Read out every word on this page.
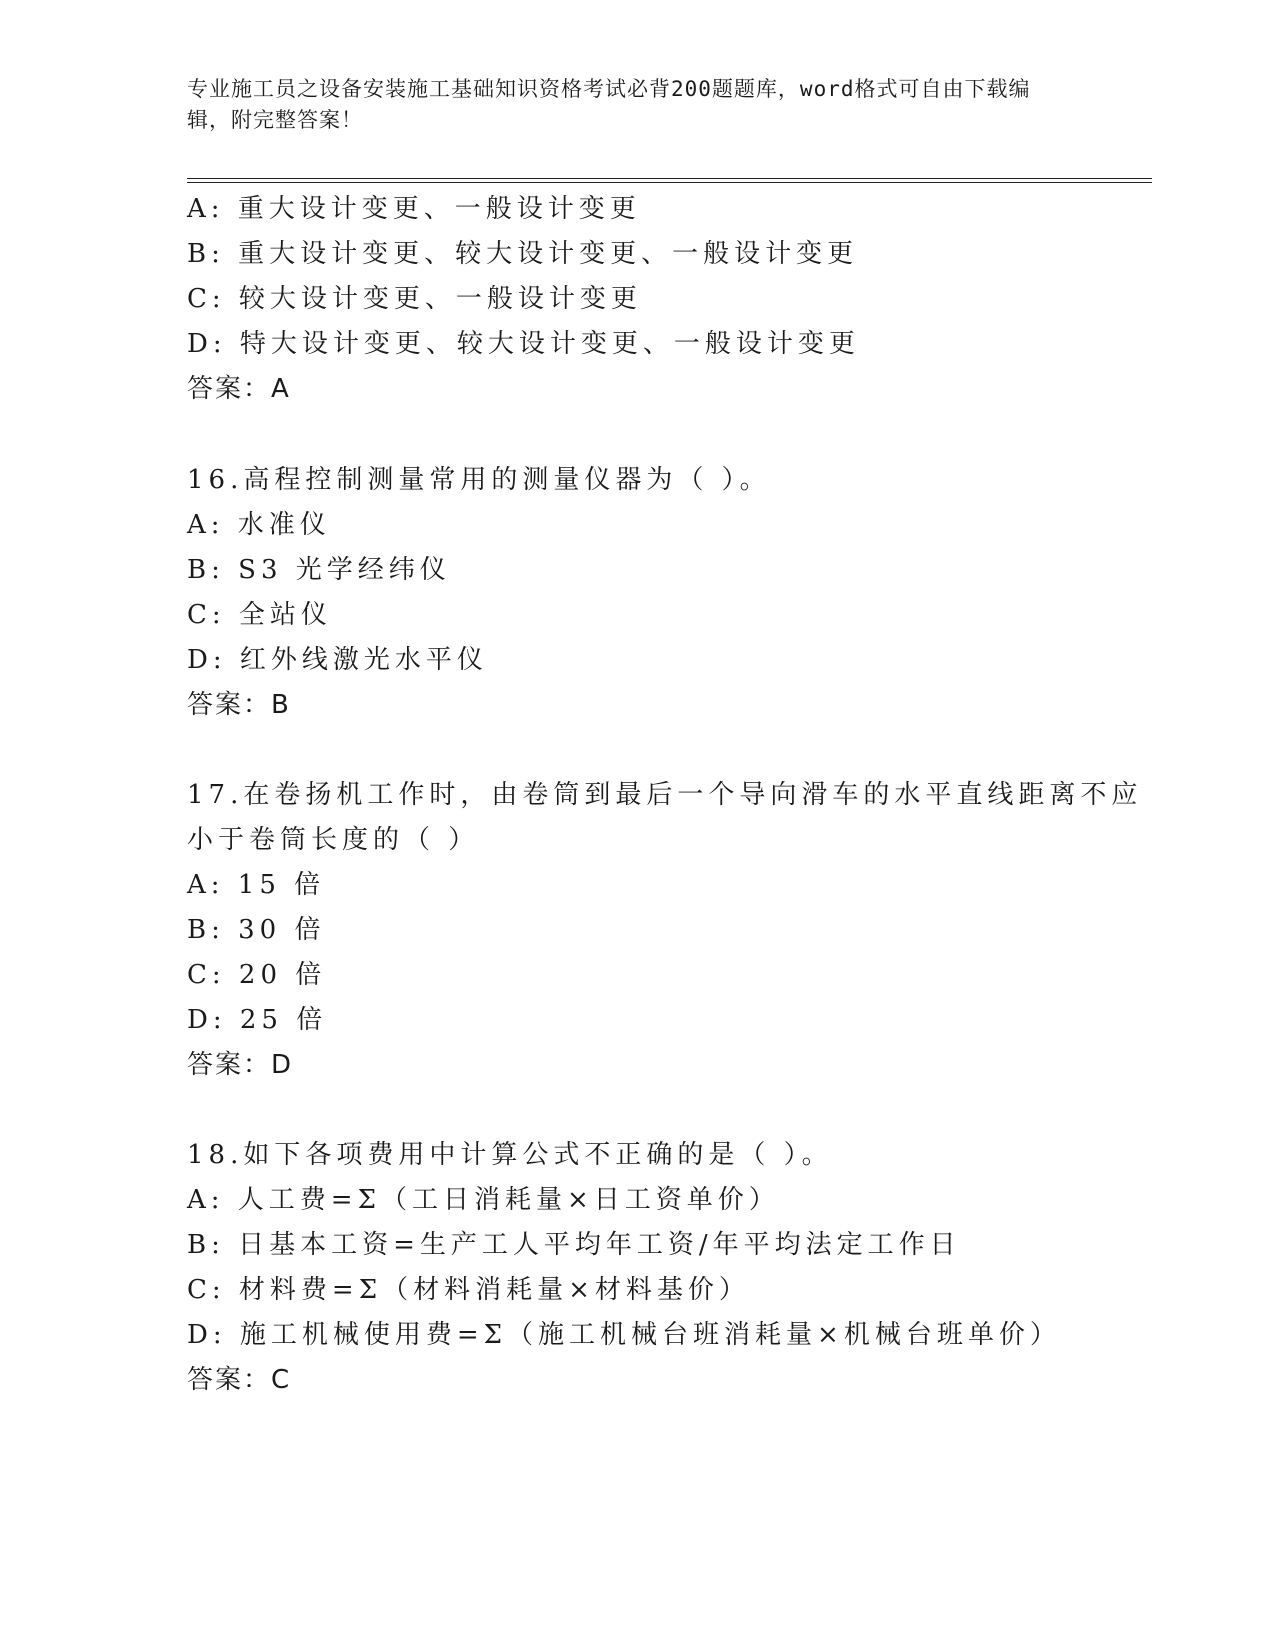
专业施工员之设备安装施工基础知识资格考试必背200题题库，word格式可自由下载编辑，附完整答案！
A: 重大设计变更、一般设计变更
B: 重大设计变更、较大设计变更、一般设计变更
C: 较大设计变更、一般设计变更
D: 特大设计变更、较大设计变更、一般设计变更
答案：A
16.高程控制测量常用的测量仪器为（ ）。
A: 水准仪
B: S3 光学经纬仪
C: 全站仪
D: 红外线激光水平仪
答案：B
17.在卷扬机工作时，由卷筒到最后一个导向滑车的水平直线距离不应
小于卷筒长度的（ ）
A: 15 倍
B: 30 倍
C: 20 倍
D: 25 倍
答案：D
18.如下各项费用中计算公式不正确的是（ ）。
A: 人工费=Σ（工日消耗量×日工资单价）
B: 日基本工资=生产工人平均年工资/年平均法定工作日
C: 材料费=Σ（材料消耗量×材料基价）
D: 施工机械使用费=Σ（施工机械台班消耗量×机械台班单价）
答案：C
